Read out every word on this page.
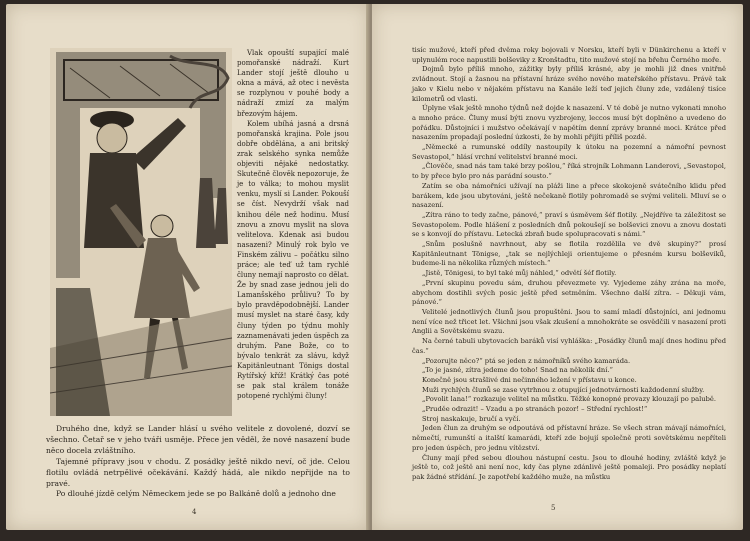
Vlak opouští supající malé pomořanské nádraží. Kurt Lander stojí ještě dlouho u okna a mává, až otec i nevěsta se rozplynou v pouhé body a nádraží zmizí za malým březovým hájem.

Kolem ubíhá jasná a drsná pomořanská krajina. Pole jsou dobře obdělána, a ani britský zrak selského synka nemůže objeviti nějaké nedostatky. Skutečně člověk nepozoruje, že je to válka; to mohou myslit venku, myslí si Lander. Pokouší se číst. Nevydrží však nad knihou déle než hodinu. Musí znovu a znovu myslit na slova velitelova. Kdenak asi budou nasazeni? Minulý rok bylo ve Finském zálivu – počátku silno práce; ale teď už tam rychlé čluny nemají naprosto co dělat. Že by snad zase jednou jeli do Lamanšského průlivu? To by bylo pravděpodobnější. Lander musí myslet na staré časy, kdy čluny týden po týdnu mohly zaznamenávati jeden úspěch za druhým. Pane Bože, co to bývalo tenkrát za slávu, když Kapitänleutnant Tönigs dostal Rytířský kříž! Krátký čas poté se pak stal králem tonáže potopené rychlými čluny!

Druhého dne, když se Lander hlásí u svého velitele z dovolené, dozví se všechno. Četař se v jeho tváři usměje. Přece jen věděl, že nové nasazení bude něco docela zvláštního.

Tajemné přípravy jsou v chodu. Z posádky ještě nikdo neví, oč jde. Celou flotilu ovládá netrpělivé očekávání. Každý hádá, ale nikdo nepřijde na to pravé.

Po dlouhé jízdě celým Německem jede se po Balkáně dolů a jednoho dne

4

tisíc mužové, kteří před dvěma roky bojovali v Norsku, kteří byli v Dünkirchenu a kteří v uplynulém roce napustili bolševiky z Kronštadtu, tito mužové stojí na břehu Černého moře.

Dojmů bylo příliš mnoho, zážitky byly příliš krásné, aby je mohli již dnes vnitřně zvládnout. Stojí a žasnou na přístavní hráze svého nového mateřského přístavu. Právě tak jako v Kielu nebo v nějakém přístavu na Kanále leží teď jejich čluny zde, vzdálený tisíce kilometrů od vlasti.

Úplyne však ještě mnoho týdnů než dojde k nasazení. V té době je nutno vykonati mnoho a mnoho práce. Čluny musí býti znovu vyzbrojeny, leccos musí být doplněno a uvedeno do pořádku. Důstojníci i mužstvo očekávají v napětím denní zprávy branné moci. Krátce před nasazením propadají poslední úzkosti, že by mohli přijíti příliš pozdě.

„Německé a rumunské oddíly nastoupily k útoku na pozemní a námořní pevnost Sevastopol,“ hlásí vrchní velitelství branné moci.

„Člověče, snad nás tam také brzy pošlou,“ říká strojník Lohmann Landerovi, „Sevastopol, to by přece bylo pro nás parádní sousto.“

Zatím se oba námořníci užívají na pláži line a přece skokojeně svátečního klidu před barákem, kde jsou ubytováni, ještě nečekaně flotily pohromadě se svými veliteli. Mluví se o nasazení.

„Zítra ráno to tedy začne, pánové,“ praví s úsměvem šéf flotily. „Nejdříve ta záležitost se Sevastopolem. Podle hlášení z posledních dnů pokoušejí se bolševici znovu a znovu dostati se s konvojí do přístavu. Letecká zbraň bude spolupracovati s námi.“

„Snům poslušně navrhnout, aby se flotila rozdělila ve dvě skupiny?“ prosí Kapitänleutnant Tönigse, „tak se nejlýchleji orientujeme o přesném kursu bolševiků, budeme-li na několika různých místech.“

„Jistě, Tönigesi, to byl také můj náhled,“ odvětí šéf flotily.

„První skupinu povedu sám, druhou převezmete vy. Vyjedeme záhy zrána na moře, abychom dostihli svých posic ještě před setměním. Všechno další zítra. – Děkuji vám, pánové.“

Velitelé jednotlivých člunů jsou propuštěni. Jsou to samí mladí důstojníci, ani jednomu není více než třicet let. Všichni jsou však zkušení a mnohokráte se osvědčili v nasazení proti Anglii a Sovětskému svazu.

Na černé tabuli ubytovacích baráků visí vyhláška: „Posádky člunů mají dnes hodinu před čas.“

„Pozorujte něco?“ ptá se jeden z námořníků svého kamaráda.

„To je jasné, zítra jedeme do toho! Snad na několik dní.“

Konečně jsou strašlivé dni nečinného ležení v přístavu u konce.

Muži rychlých člunů se zase vytrhnou z otupující jednotvárnosti každodenní služby.

„Povolit lana!“ rozkazuje velitel na můstku. Těžké konopné provazy klouzají po palubě.

„Pruděe odrazit! – Vzadu a po stranách pozor! – Střední rychlost!“

Stroj naskakuje, bručí a vyčí.

Jeden člun za druhým se odpoutává od přístavní hráze. Se všech stran mávají námořníci, němečtí, rumunští a italští kamarádi, kteří zde bojují společně proti sovětskému nepříteli pro jeden úspěch, pro jednu vítězství.

Čluny mají před sebou dlouhou nástupní cestu. Jsou to dlouhé hodiny, zvláště když je ještě to, což ještě ani není noc, kdy čas plyne zdánlivě ještě pomaleji. Pro posádky neplatí pak žádné střídání. Je zapotřebí každého muže, na můstku

5
